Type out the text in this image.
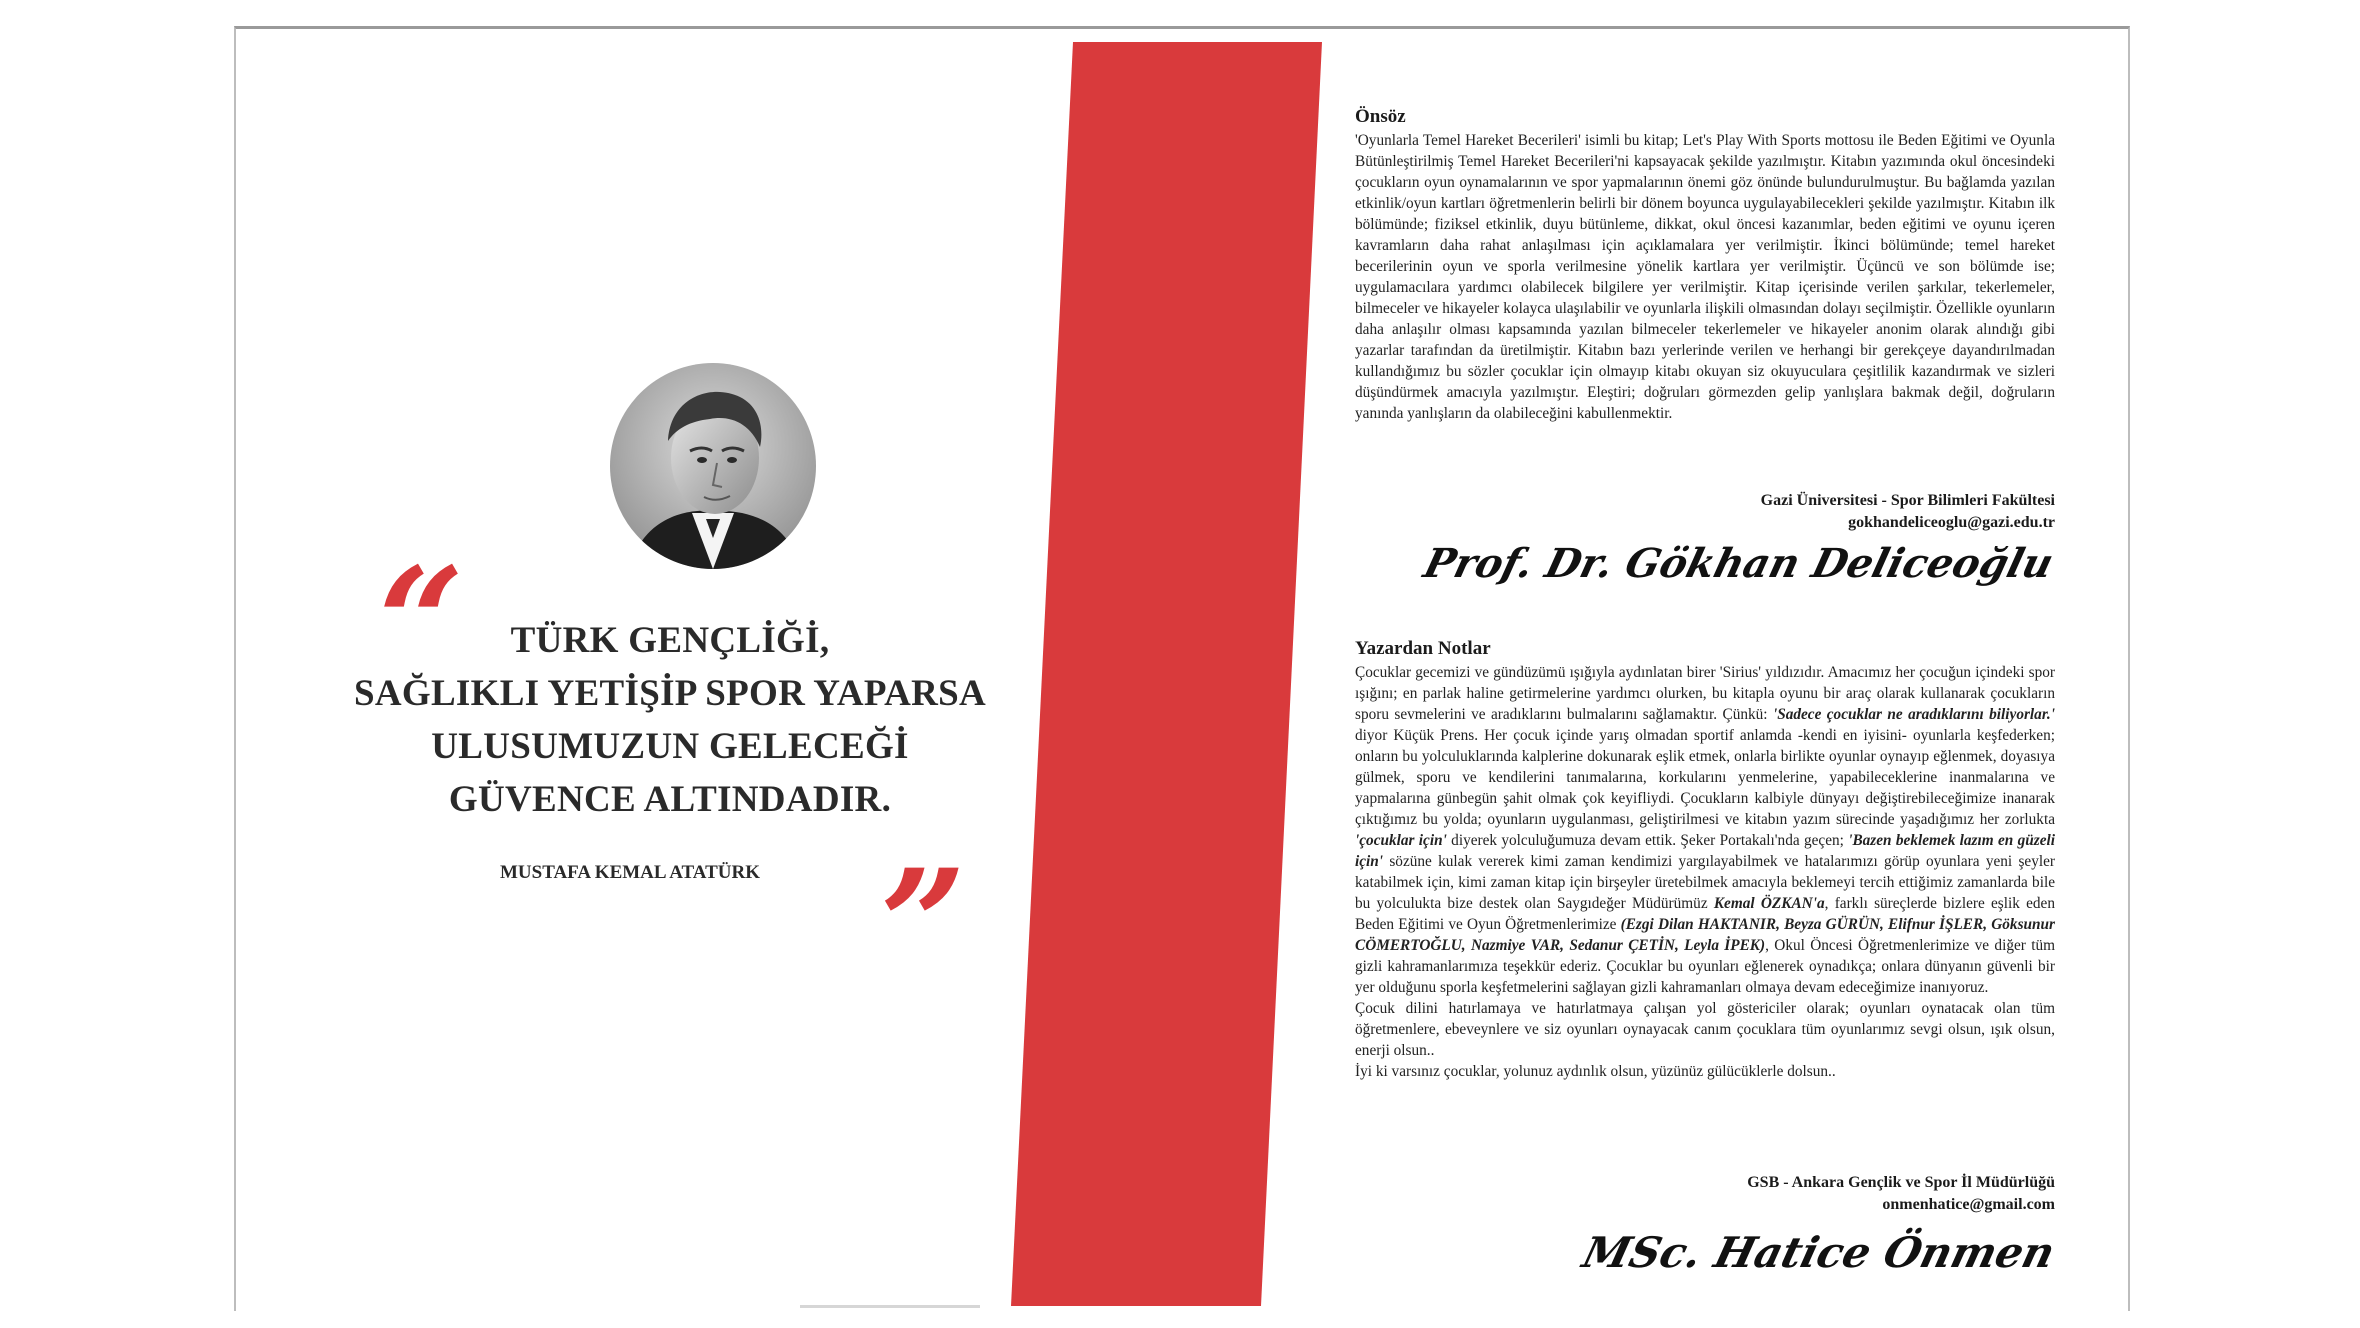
“	TÜRK GENÇLİĞİ,
SAĞLIKLI YETİŞİP SPOR YAPARSA
ULUSUMUZUN GELECEĞİ
GÜVENCE ALTINDADIR.
MUSTAFA KEMAL ATATÜRK ”
Önsöz

'Oyunlarla Temel Hareket Becerileri' isimli bu kitap; Let's Play With Sports mottosu ile Beden Eğitimi ve Oyunla Bütünleştirilmiş Temel Hareket Becerileri'ni kapsayacak şekilde yazılmıştır. Kitabın yazımında okul öncesindeki çocukların oyun oynamalarının ve spor yapmalarının önemi göz önünde bulundurulmuştur. Bu bağlamda yazılan etkinlik/oyun kartları öğretmenlerin belirli bir dönem boyunca uygulayabilecekleri şekilde yazılmıştır. Kitabın ilk bölümünde; fiziksel etkinlik, duyu bütünleme, dikkat, okul öncesi kazanımlar, beden eğitimi ve oyunu içeren kavramların daha rahat anlaşılması için açıklamalara yer verilmiştir. İkinci bölümünde; temel hareket becerilerinin oyun ve sporla verilmesine yönelik kartlara yer verilmiştir. Üçüncü ve son bölümde ise; uygulamacılara yardımcı olabilecek bilgilere yer verilmiştir. Kitap içerisinde verilen şarkılar, tekerlemeler, bilmeceler ve hikayeler kolayca ulaşılabilir ve oyunlarla ilişkili olmasından dolayı seçilmiştir. Özellikle oyunların daha anlaşılır olması kapsamında yazılan bilmeceler tekerlemeler ve hikayeler anonim olarak alındığı gibi yazarlar tarafından da üretilmiştir. Kitabın bazı yerlerinde verilen ve herhangi bir gerekçeye dayandırılmadan kullandığımız bu sözler çocuklar için olmayıp kitabı okuyan siz okuyuculara çeşitlilik kazandırmak ve sizleri düşündürmek amacıyla yazılmıştır. Eleştiri; doğruları görmezden gelip yanlışlara bakmak değil, doğruların yanında yanlışların da olabileceğini kabullenmektir.

Gazi Üniversitesi - Spor Bilimleri Fakültesi
gokhandeliceoglu@gazi.edu.tr
Prof. Dr. Gökhan Deliceoğlu
Yazardan Notlar

Çocuklar gecemizi ve gündüzümü ışığıyla aydınlatan birer 'Sirius' yıldızıdır. Amacımız her çocuğun içindeki spor ışığını; en parlak haline getirmelerine yardımcı olurken, bu kitapla oyunu bir araç olarak kullanarak çocukların sporu sevmelerini ve aradıklarını bulmalarını sağlamaktır. Çünkü: 'Sadece çocuklar ne aradıklarını biliyorlar.' diyor Küçük Prens. Her çocuk içinde yarış olmadan sportif anlamda -kendi en iyisini- oyunlarla keşfederken; onların bu yolculuklarında kalplerine dokunarak eşlik etmek, onlarla birlikte oyunlar oynayıp eğlenmek, doyasıya gülmek, sporu ve kendilerini tanımalarına, korkularını yenmelerine, yapabileceklerine inanmalarına ve yapmalarına günbegün şahit olmak çok keyifliydi. Çocukların kalbiyle dünyayı değiştirebileceğimize inanarak çıktığımız bu yolda; oyunların uygulanması, geliştirilmesi ve kitabın yazım sürecinde yaşadığımız her zorlukta 'çocuklar için' diyerek yolculuğumuza devam ettik. Şeker Portakalı'nda geçen; 'Bazen beklemek lazım en güzeli için' sözüne kulak vererek kimi zaman kendimizi yargılayabilmek ve hatalarımızı görüp oyunlara yeni şeyler katabilmek için, kimi zaman kitap için birşeyler üretebilmek amacıyla beklemeyi tercih ettiğimiz zamanlarda bile bu yolculukta bize destek olan Saygıdeğer Müdürümüz Kemal ÖZKAN'a, farklı süreçlerde bizlere eşlik eden Beden Eğitimi ve Oyun Öğretmenlerimize (Ezgi Dilan HAKTANIR, Beyza GÜRÜN, Elifnur İŞLER, Göksunur CÖMERTOĞLU, Nazmiye VAR, Sedanur ÇETİN, Leyla İPEK), Okul Öncesi Öğretmenlerimize ve diğer tüm gizli kahramanlarımıza teşekkür ederiz. Çocuklar bu oyunları eğlenerek oynadıkça; onlara dünyanın güvenli bir yer olduğunu sporla keşfetmelerini sağlayan gizli kahramanları olmaya devam edeceğimize inanıyoruz.

Çocuk dilini hatırlamaya ve hatırlatmaya çalışan yol göstericiler olarak; oyunları oynatacak olan tüm öğretmenlere, ebeveynlere ve siz oyunları oynayacak canım çocuklara tüm oyunlarımız sevgi olsun, ışık olsun, enerji olsun..

İyi ki varsınız çocuklar, yolunuz aydınlık olsun, yüzünüz gülücüklerle dolsun..

GSB - Ankara Gençlik ve Spor İl Müdürlüğü
onmenhatice@gmail.com
MSc. Hatice Önmen
